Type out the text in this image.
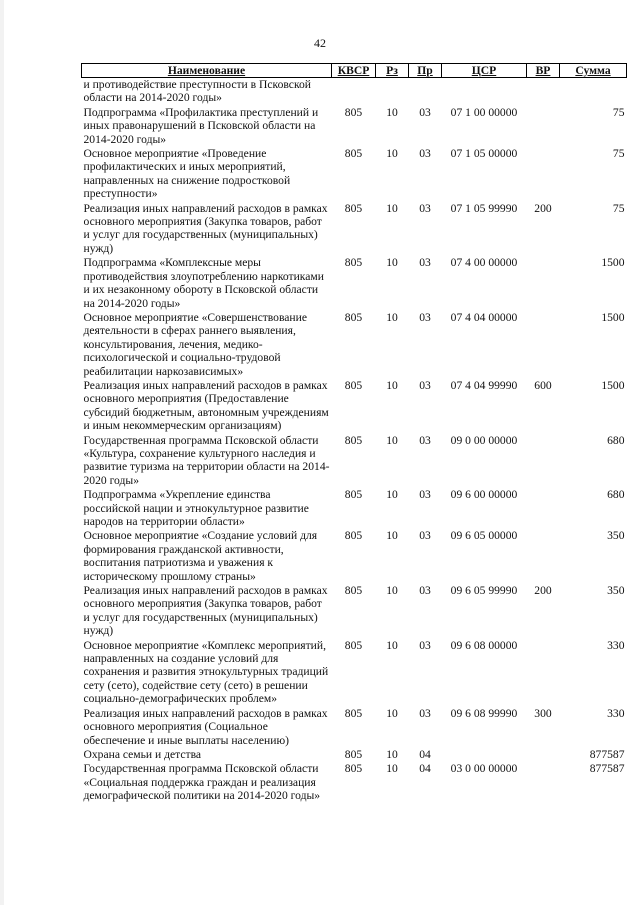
42
Наименование	КВСР	Рз	Пр	ЦСР	ВР	Сумма
и противодействие преступности в Псковской области на 2014-2020 годы»						
Подпрограмма «Профилактика преступлений и иных правонарушений в Псковской области на 2014-2020 годы»	805	10	03	07 1 00 00000		75
Основное мероприятие «Проведение профилактических и иных мероприятий, направленных на снижение подростковой преступности»	805	10	03	07 1 05 00000		75
Реализация иных направлений расходов в рамках основного мероприятия (Закупка товаров, работ и услуг для государственных (муниципальных) нужд)	805	10	03	07 1 05 99990	200	75
Подпрограмма «Комплексные меры противодействия злоупотреблению наркотиками и их незаконному обороту в Псковской области на 2014-2020 годы»	805	10	03	07 4 00 00000		1500
Основное мероприятие «Совершенствование деятельности в сферах раннего выявления, консультирования, лечения, медико-психологической и социально-трудовой реабилитации наркозависимых»	805	10	03	07 4 04 00000		1500
Реализация иных направлений расходов в рамках основного мероприятия (Предоставление субсидий бюджетным, автономным учреждениям и иным некоммерческим организациям)	805	10	03	07 4 04 99990	600	1500
Государственная программа Псковской области «Культура, сохранение культурного наследия и развитие туризма на территории области на 2014-2020 годы»	805	10	03	09 0 00 00000		680
Подпрограмма «Укрепление единства российской нации и этнокультурное развитие народов на территории области»	805	10	03	09 6 00 00000		680
Основное мероприятие «Создание условий для формирования гражданской активности, воспитания патриотизма и уважения к историческому прошлому страны»	805	10	03	09 6 05 00000		350
Реализация иных направлений расходов в рамках основного мероприятия (Закупка товаров, работ и услуг для государственных (муниципальных) нужд)	805	10	03	09 6 05 99990	200	350
Основное мероприятие «Комплекс мероприятий, направленных на создание условий для сохранения и развития этнокультурных традиций сету (сето), содействие сету (сето) в решении социально-демографических проблем»	805	10	03	09 6 08 00000		330
Реализация иных направлений расходов в рамках основного мероприятия (Социальное обеспечение и иные выплаты населению)	805	10	03	09 6 08 99990	300	330
Охрана семьи и детства	805	10	04			877587
Государственная программа Псковской области «Социальная поддержка граждан и реализация демографической политики на 2014-2020 годы»	805	10	04	03 0 00 00000		877587
